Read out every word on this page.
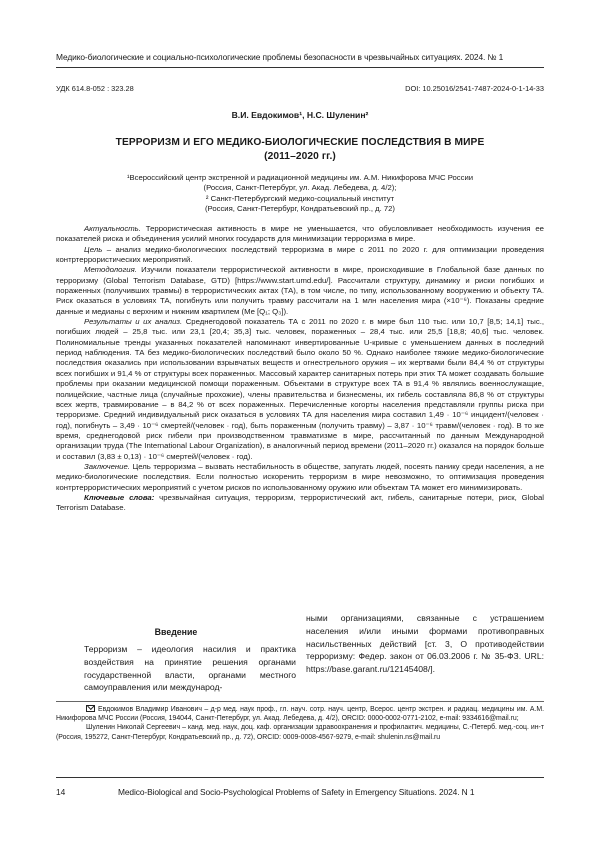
Медико-биологические и социально-психологические проблемы безопасности в чрезвычайных ситуациях. 2024. № 1
УДК 614.8-052 : 323.28	DOI: 10.25016/2541-7487-2024-0-1-14-33
В.И. Евдокимов¹, Н.С. Шуленин²
ТЕРРОРИЗМ И ЕГО МЕДИКО-БИОЛОГИЧЕСКИЕ ПОСЛЕДСТВИЯ В МИРЕ
(2011–2020 гг.)
¹Всероссийский центр экстренной и радиационной медицины им. А.М. Никифорова МЧС России
(Россия, Санкт-Петербург, ул. Акад. Лебедева, д. 4/2);
² Санкт-Петербургский медико-социальный институт
(Россия, Санкт-Петербург, Кондратьевский пр., д. 72)

Актуальность. Террористическая активность в мире не уменьшается, что обусловливает необходимость изучения ее показателей риска и объединения усилий многих государств для минимизации терроризма в мире.

Цель – анализ медико-биологических последствий терроризма в мире с 2011 по 2020 г. для оптимизации проведения контртеррористических мероприятий.

Методология. Изучили показатели террористической активности в мире, происходившие в Глобальной базе данных по терроризму (Global Terrorism Database, GTD) [https://www.start.umd.edu/]. Рассчитали структуру, динамику и риски погибших и пораженных (получивших травмы) в террористических актах (ТА), в том числе, по типу, использованному вооружению и объекту ТА. Риск оказаться в условиях ТА, погибнуть или получить травму рассчитали на 1 млн населения мира (×10⁻⁶). Показаны средние данные и медианы с верхним и нижним квартилем (Me [Q₁; Q₃]).

Результаты и их анализ. Среднегодовой показатель ТА с 2011 по 2020 г. в мире был 110 тыс. или 10,7 [8,5; 14,1] тыс., погибших людей – 25,8 тыс. или 23,1 [20,4; 35,3] тыс. человек, пораженных – 28,4 тыс. или 25,5 [18,8; 40,6] тыс. человек. Полиномиальные тренды указанных показателей напоминают инвертированные U-кривые с уменьшением данных в последний период наблюдения. ТА без медико-биологических последствий было около 50 %. Однако наиболее тяжкие медико-биологические последствия оказались при использовании взрывчатых веществ и огнестрельного оружия – их жертвами были 84,4 % от структуры всех погибших и 91,4 % от структуры всех пораженных. Массовый характер санитарных потерь при этих ТА может создавать большие проблемы при оказании медицинской помощи пораженным. Объектами в структуре всех ТА в 91,4 % являлись военнослужащие, полицейские, частные лица (случайные прохожие), члены правительства и бизнесмены, их гибель составляла 86,8 % от структуры всех жертв, травмирование – в 84,2 % от всех пораженных. Перечисленные когорты населения представляли группы риска при терроризме. Средний индивидуальный риск оказаться в условиях ТА для населения мира составил 1,49 · 10⁻⁶ инцидент/(человек · год), погибнуть – 3,49 · 10⁻⁶ смертей/(человек · год), быть пораженным (получить травму) – 3,87 · 10⁻⁶ травм/(человек · год). В то же время, среднегодовой риск гибели при производственном травматизме в мире, рассчитанный по данным Международной организации труда (The International Labour Organization), в аналогичный период времени (2011–2020 гг.) оказался на порядок больше и составил (3,83 ± 0,13) · 10⁻⁶ смертей/(человек · год).

Заключение. Цель терроризма – вызвать нестабильность в обществе, запугать людей, посеять панику среди населения, а не медико-биологические последствия. Если полностью искоренить терроризм в мире невозможно, то оптимизация проведения контртеррористических мероприятий с учетом рисков по использованному оружию или объектам ТА может его минимизировать.

Ключевые слова: чрезвычайная ситуация, терроризм, террористический акт, гибель, санитарные потери, риск, Global Terrorism Database.

Введение

Терроризм – идеология насилия и практика воздействия на принятие решения органами государственной власти, органами местного самоуправления или международ-

ными организациями, связанные с устрашением населения и/или иными формами противоправных насильственных действий [ст. 3, О противодействии терроризму: Федер. закон от 06.03.2006 г. № 35-ФЗ. URL: https://base.garant.ru/12145408/].

Евдокимов Владимир Иванович – д-р мед. наук проф., гл. науч. сотр. науч. центр, Всерос. центр экстрен. и радиац. медицины им. А.М. Никифорова МЧС России (Россия, 194044, Санкт-Петербург, ул. Акад. Лебедева, д. 4/2), ORCID: 0000-0002-0771-2102, e-mail: 9334616@mail.ru;

Шуленин Николай Сергеевич – канд. мед. наук, доц. каф. организации здравоохранения и профилактич. медицины, С.-Петерб. мед.-соц. ин-т (Россия, 195272, Санкт-Петербург, Кондратьевский пр., д. 72), ORCID: 0009-0008-4567-9279, e-mail: shulenin.ns@mail.ru

14	Medico-Biological and Socio-Psychological Problems of Safety in Emergency Situations. 2024. N 1
